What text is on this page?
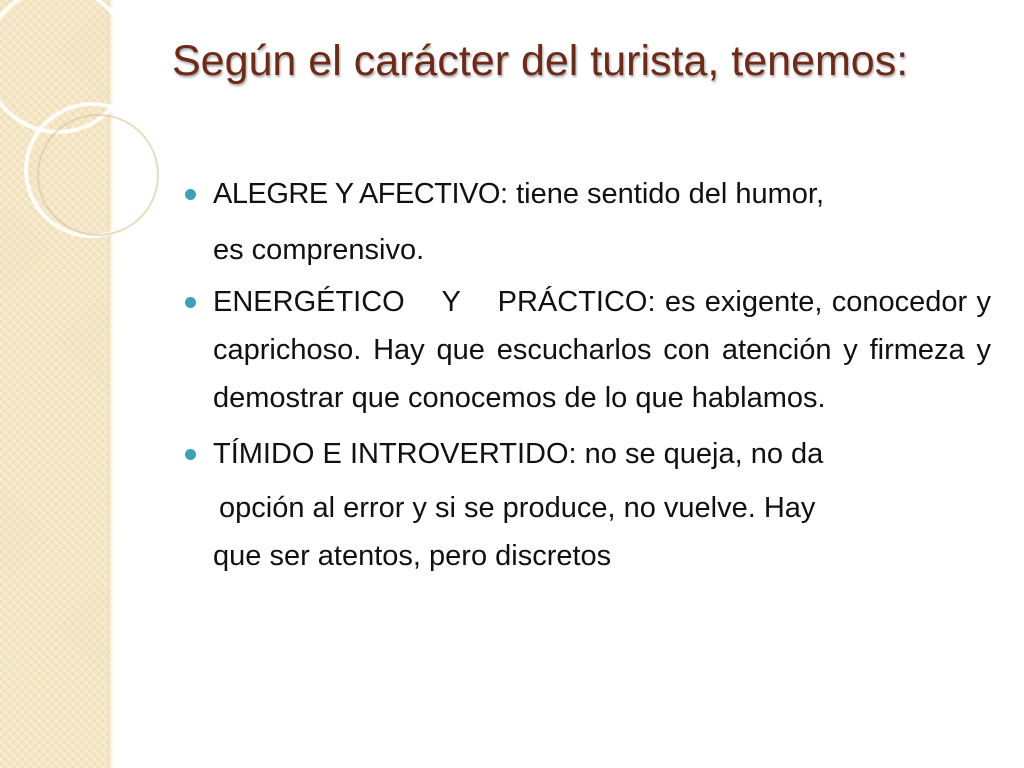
Según el carácter del turista, tenemos:
ALEGRE Y AFECTIVO: tiene sentido del humor,
es comprensivo.
ENERGÉTICO Y PRÁCTICO: es exigente, conocedor y caprichoso. Hay que escucharlos con atención y firmeza y demostrar que conocemos de lo que hablamos.
TÍMIDO E INTROVERTIDO: no se queja, no da
opción al error y si se produce, no vuelve. Hay
que ser atentos, pero discretos
